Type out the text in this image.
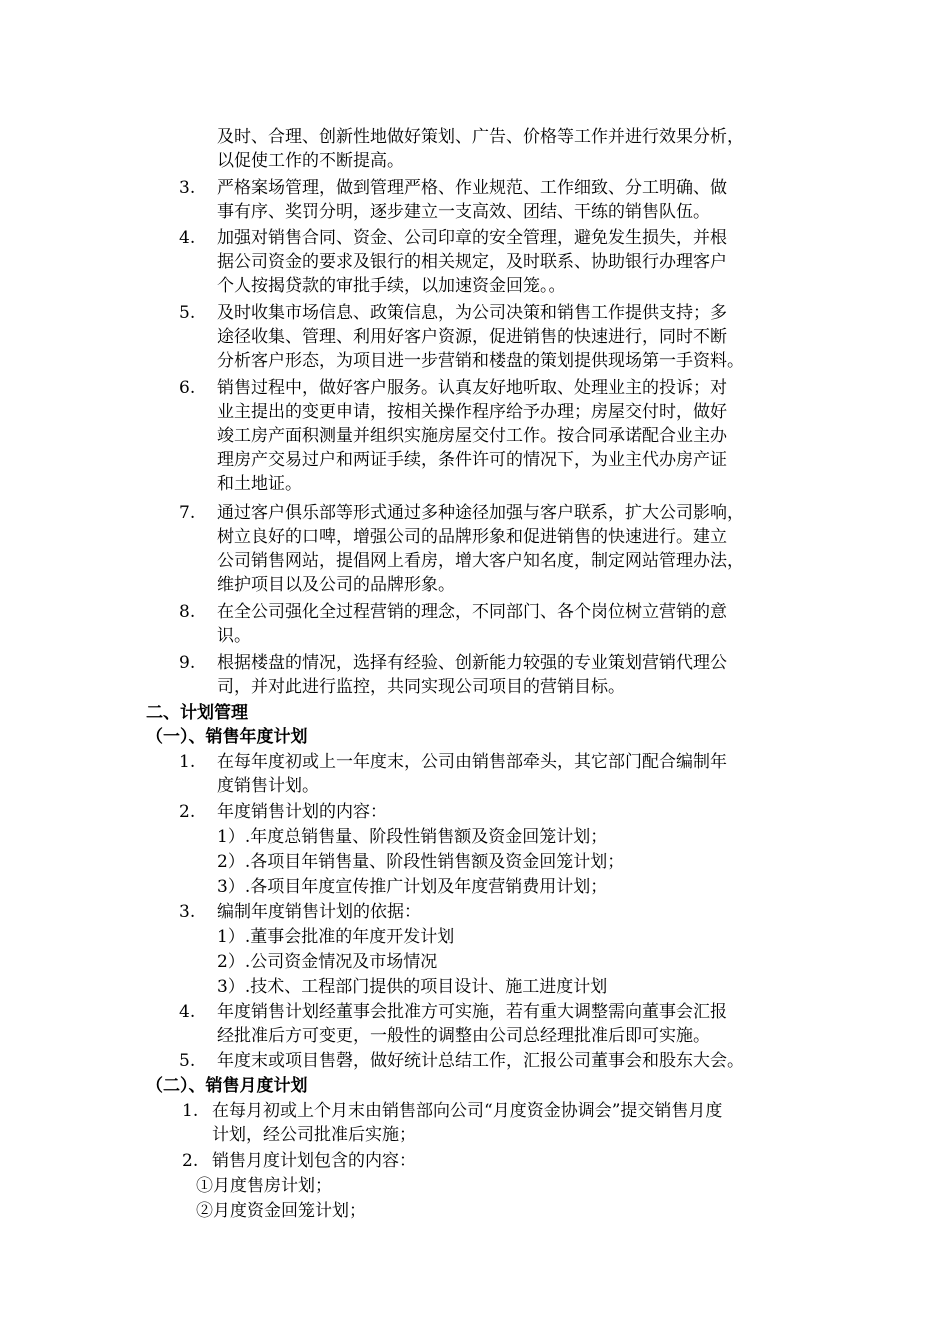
及时、合理、创新性地做好策划、广告、价格等工作并进行效果分析，
以促使工作的不断提高。
3. 严格案场管理，做到管理严格、作业规范、工作细致、分工明确、做
事有序、奖罚分明，逐步建立一支高效、团结、干练的销售队伍。
4. 加强对销售合同、资金、公司印章的安全管理，避免发生损失，并根
据公司资金的要求及银行的相关规定，及时联系、协助银行办理客户
个人按揭贷款的审批手续，以加速资金回笼。。
5. 及时收集市场信息、政策信息，为公司决策和销售工作提供支持；多
途径收集、管理、利用好客户资源，促进销售的快速进行，同时不断
分析客户形态，为项目进一步营销和楼盘的策划提供现场第一手资料。
6. 销售过程中，做好客户服务。认真友好地听取、处理业主的投诉；对
业主提出的变更申请，按相关操作程序给予办理；房屋交付时，做好
竣工房产面积测量并组织实施房屋交付工作。按合同承诺配合业主办
理房产交易过户和两证手续，条件许可的情况下，为业主代办房产证
和土地证。
7. 通过客户俱乐部等形式通过多种途径加强与客户联系，扩大公司影响，
树立良好的口啤，增强公司的品牌形象和促进销售的快速进行。建立
公司销售网站，提倡网上看房，增大客户知名度，制定网站管理办法，
维护项目以及公司的品牌形象。
8. 在全公司强化全过程营销的理念，不同部门、各个岗位树立营销的意
识。
9. 根据楼盘的情况，选择有经验、创新能力较强的专业策划营销代理公
司，并对此进行监控，共同实现公司项目的营销目标。
二、计划管理
（一）、销售年度计划
1. 在每年度初或上一年度末，公司由销售部牵头，其它部门配合编制年
度销售计划。
2. 年度销售计划的内容：
1）.年度总销售量、阶段性销售额及资金回笼计划；
2）.各项目年销售量、阶段性销售额及资金回笼计划；
3）.各项目年度宣传推广计划及年度营销费用计划；
3. 编制年度销售计划的依据：
1）.董事会批准的年度开发计划
2）.公司资金情况及市场情况
3）.技术、工程部门提供的项目设计、施工进度计划
4. 年度销售计划经董事会批准方可实施，若有重大调整需向董事会汇报
经批准后方可变更，一般性的调整由公司总经理批准后即可实施。
5. 年度末或项目售磬，做好统计总结工作，汇报公司董事会和股东大会。
（二）、销售月度计划
1. 在每月初或上个月末由销售部向公司“月度资金协调会”提交销售月度
计划，经公司批准后实施；
2. 销售月度计划包含的内容：
①月度售房计划；
②月度资金回笼计划；
